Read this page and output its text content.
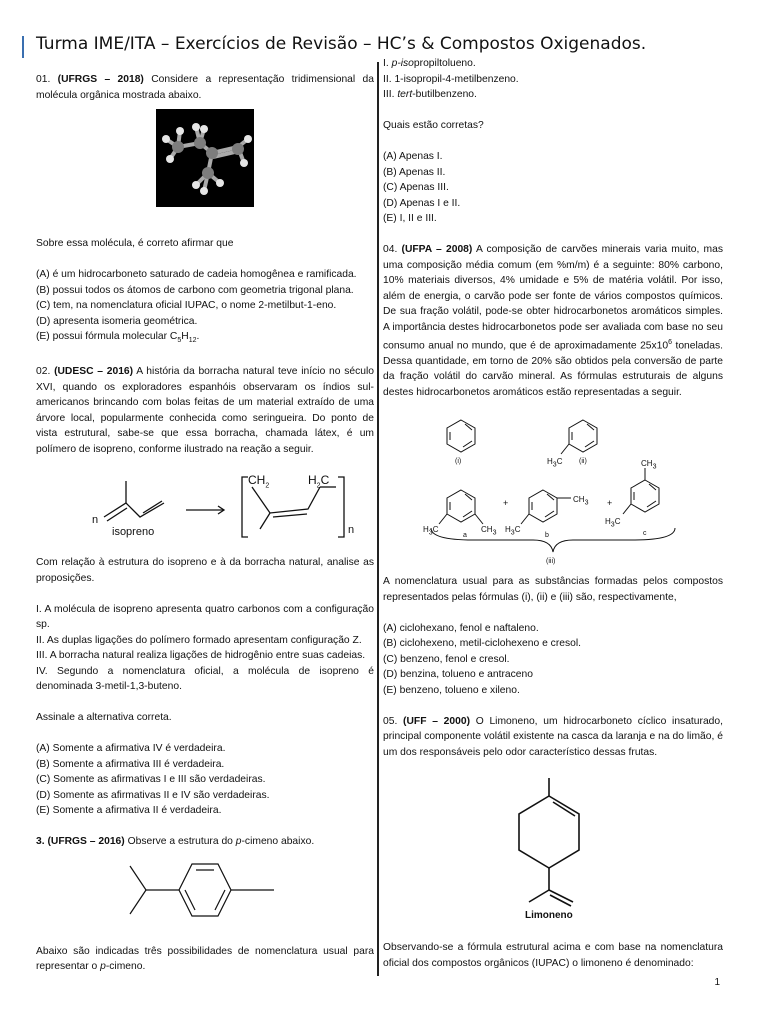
Turma IME/ITA – Exercícios de Revisão – HC’s & Compostos Oxigenados.

01. (UFRGS – 2018) Considere a representação tridimensional da molécula orgânica mostrada abaixo.

Sobre essa molécula, é correto afirmar que

(A) é um hidrocarboneto saturado de cadeia homogênea e ramificada.

(B) possui todos os átomos de carbono com geometria trigonal plana.

(C) tem, na nomenclatura oficial IUPAC, o nome 2-metilbut-1-eno.

(D) apresenta isomeria geométrica.

(E) possui fórmula molecular $C_5H_{12}$.

02. (UDESC – 2016) A história da borracha natural teve início no século XVI, quando os exploradores espanhóis observaram os índios sul-americanos brincando com bolas feitas de um material extraído de uma árvore local, popularmente conhecida como seringueira. Do ponto de vista estrutural, sabe-se que essa borracha, chamada látex, é um polímero de isopreno, conforme ilustrado na reação a seguir.

n
isopreno
$CH_2$	$H_2C$
n

Com relação à estrutura do isopreno e à da borracha natural, analise as proposições.

I. A molécula de isopreno apresenta quatro carbonos com a configuração sp.

II. As duplas ligações do polímero formado apresentam configuração Z.

III. A borracha natural realiza ligações de hidrogênio entre suas cadeias.

IV. Segundo a nomenclatura oficial, a molécula de isopreno é denominada 3-metil-1,3-buteno.

Assinale a alternativa correta.

(A) Somente a afirmativa IV é verdadeira.

(B) Somente a afirmativa III é verdadeira.

(C) Somente as afirmativas I e III são verdadeiras.

(D) Somente as afirmativas II e IV são verdadeiras.

(E) Somente a afirmativa II é verdadeira.

3. (UFRGS – 2016) Observe a estrutura do p-cimeno abaixo.

Abaixo são indicadas três possibilidades de nomenclatura usual para representar o p-cimeno.

I. p-isopropiltolueno.

II. 1-isopropil-4-metilbenzeno.

III. tert-butilbenzeno.

Quais estão corretas?

(A) Apenas I.

(B) Apenas II.

(C) Apenas III.

(D) Apenas I e II.

(E) I, II e III.

04. (UFPA – 2008) A composição de carvões minerais varia muito, mas uma composição média comum (em %m/m) é a seguinte: 80% carbono, 10% materiais diversos, 4% umidade e 5% de matéria volátil. Por isso, além de energia, o carvão pode ser fonte de vários compostos químicos. De sua fração volátil, pode-se obter hidrocarbonetos aromáticos simples. A importância destes hidrocarbonetos pode ser avaliada com base no seu consumo anual no mundo, que é de aproximadamente $25x10^6$ toneladas. Dessa quantidade, em torno de 20% são obtidos pela conversão de parte da fração volátil do carvão mineral. As fórmulas estruturais de alguns destes hidrocarbonetos aromáticos estão representadas a seguir.

(i)	(ii)
(iii)
$H_3C$
$H_3C$	$CH_3$
+
$H_3C$
$CH_3$ +
$CH_3$
$H_3C$
a	b	c

A nomenclatura usual para as substâncias formadas pelos compostos representados pelas fórmulas (i), (ii) e (iii) são, respectivamente,

(A) ciclohexano, fenol e naftaleno.

(B) ciclohexeno, metil-ciclohexeno e cresol.

(C) benzeno, fenol e cresol.

(D) benzina, tolueno e antraceno

(E) benzeno, tolueno e xileno.

05. (UFF – 2000) O Limoneno, um hidrocarboneto cíclico insaturado, principal componente volátil existente na casca da laranja e na do limão, é um dos responsáveis pelo odor característico dessas frutas.

Limoneno

Observando-se a fórmula estrutural acima e com base na nomenclatura oficial dos compostos orgânicos (IUPAC) o limoneno é denominado:

1
